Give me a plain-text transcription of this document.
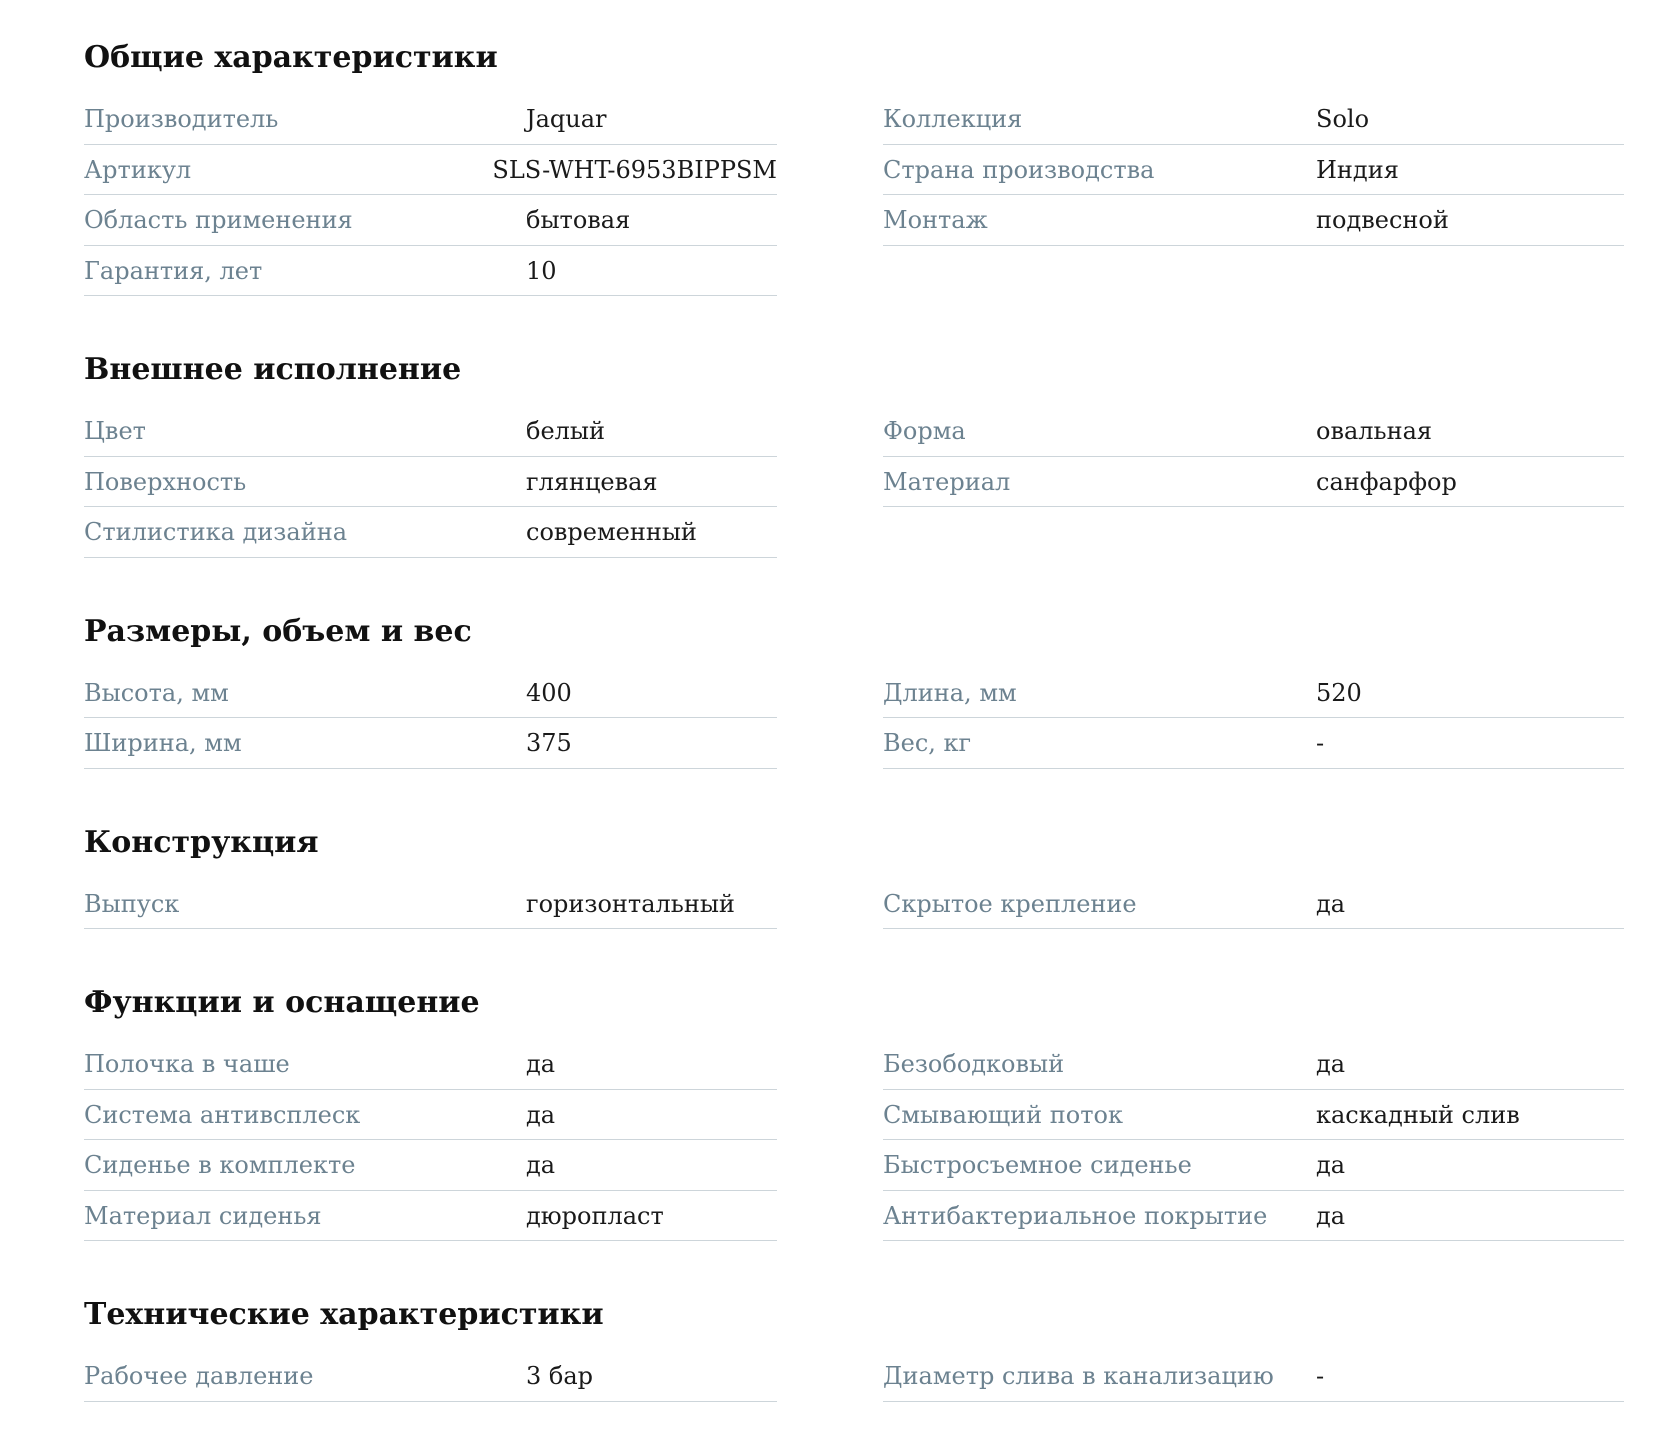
Общие характеристики
Производитель	Jaquar
Артикул	SLS-WHT-6953BIPPSM
Область применения	бытовая
Гарантия, лет	10
Коллекция	Solo
Страна производства	Индия
Монтаж	подвесной
Внешнее исполнение
Цвет	белый
Поверхность	глянцевая
Стилистика дизайна	современный
Форма	овальная
Материал	санфарфор
Размеры, объем и вес
Высота, мм	400
Ширина, мм	375
Длина, мм	520
Вес, кг	-
Конструкция
Выпуск	горизонтальный	Скрытое крепление	да
Функции и оснащение
Полочка в чаше	да
Система антивсплеск	да
Сиденье в комплекте	да
Материал сиденья	дюропласт
Безободковый	да
Смывающий поток	каскадный слив
Быстросъемное сиденье	да
Антибактериальное покрытие	да
Технические характеристики
Рабочее давление	3 бар	Диаметр слива в канализацию	-
